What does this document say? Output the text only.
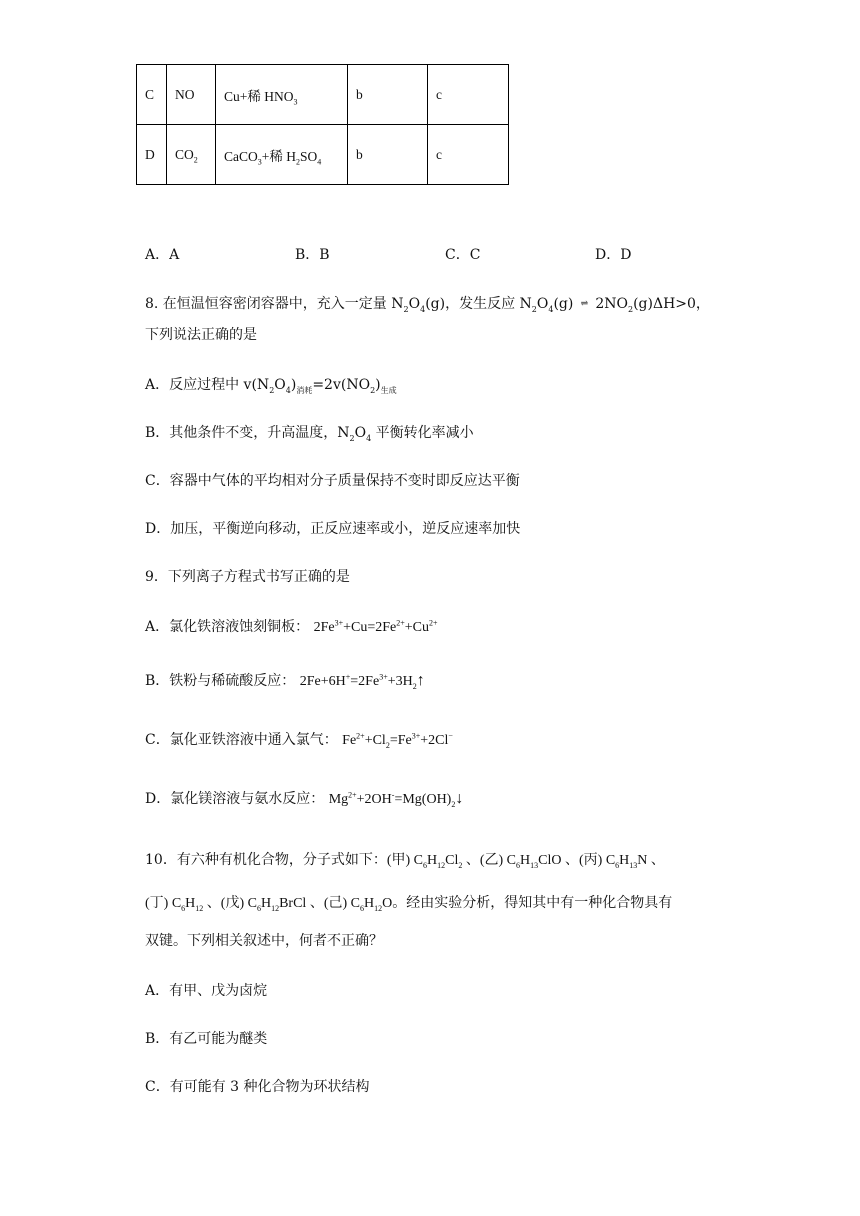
C	NO	Cu+稀 $HNO_3$	b	c
D	$CO_2$	CaCO$_3$+稀 $H_2SO_4$	b	c
A．A	B．B	C．C	D．D
8. 在恒温恒容密闭容器中，充入一定量 $N_2O_4(g)$，发生反应 $N_2O_4(g)$ ⇌ $2NO_2(g)\Delta H>0$，
下列说法正确的是
A．反应过程中 $v(N_2O_4)_{消耗}=2v(NO_2)_{生成}$
B．其他条件不变，升高温度，$N_2O_4$ 平衡转化率减小
C．容器中气体的平均相对分子质量保持不变时即反应达平衡
D．加压，平衡逆向移动，正反应速率或小，逆反应速率加快
9．下列离子方程式书写正确的是
A．氯化铁溶液蚀刻铜板： $2Fe^{3+}+Cu=2Fe^{2+}+Cu^{2+}$
B．铁粉与稀硫酸反应： $2Fe+6H^+=2Fe^{3+}+3H_2↑$
C．氯化亚铁溶液中通入氯气： $Fe^{2+}+Cl_2=Fe^{3+}+2Cl^-$
D．氯化镁溶液与氨水反应： $Mg^{2+}+2OH^-=Mg(OH)_2↓$
10．有六种有机化合物，分子式如下：(甲) $C_6H_{12}Cl_2$ 、(乙) $C_6H_{13}ClO$ 、(丙) $C_6H_{13}N$ 、
(丁) $C_6H_{12}$ 、(戊) $C_6H_{12}BrCl$ 、(己) $C_6H_{12}O$。经由实验分析，得知其中有一种化合物具有
双键。下列相关叙述中，何者不正确？
A．有甲、戊为卤烷
B．有乙可能为醚类
C．有可能有 3 种化合物为环状结构
